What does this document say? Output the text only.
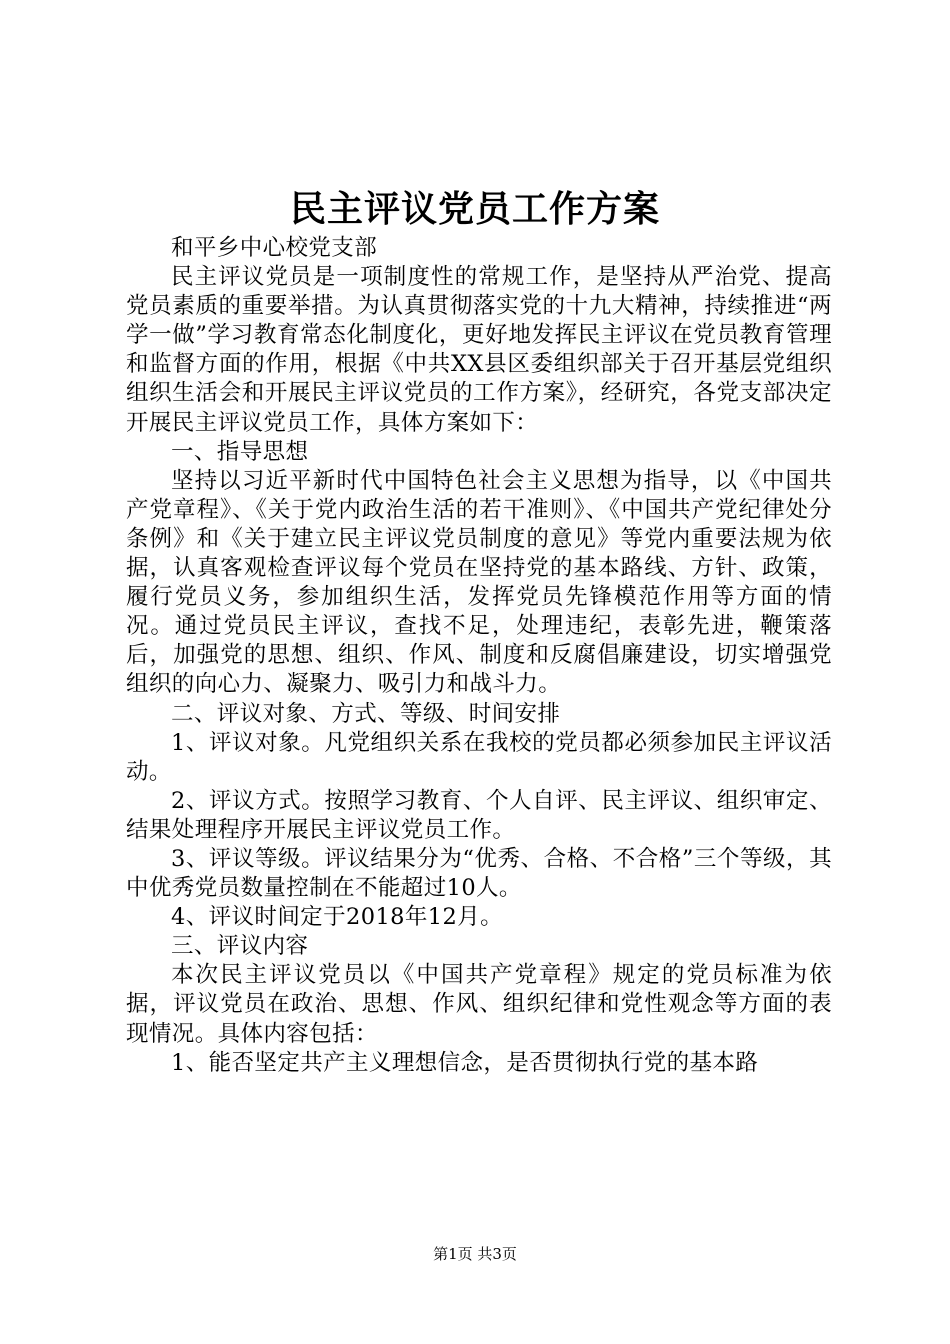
民主评议党员工作方案

和平乡中心校党支部

民主评议党员是一项制度性的常规工作，是坚持从严治党、提高党员素质的重要举措。为认真贯彻落实党的十九大精神，持续推进“两学一做”学习教育常态化制度化，更好地发挥民主评议在党员教育管理和监督方面的作用，根据《中共XX县区委组织部关于召开基层党组织组织生活会和开展民主评议党员的工作方案》，经研究，各党支部决定开展民主评议党员工作，具体方案如下：

一、指导思想

坚持以习近平新时代中国特色社会主义思想为指导，以《中国共产党章程》、《关于党内政治生活的若干准则》、《中国共产党纪律处分条例》和《关于建立民主评议党员制度的意见》等党内重要法规为依据，认真客观检查评议每个党员在坚持党的基本路线、方针、政策，履行党员义务，参加组织生活，发挥党员先锋模范作用等方面的情况。通过党员民主评议，查找不足，处理违纪，表彰先进，鞭策落后，加强党的思想、组织、作风、制度和反腐倡廉建设，切实增强党组织的向心力、凝聚力、吸引力和战斗力。

二、评议对象、方式、等级、时间安排

1、评议对象。凡党组织关系在我校的党员都必须参加民主评议活动。

2、评议方式。按照学习教育、个人自评、民主评议、组织审定、结果处理程序开展民主评议党员工作。

3、评议等级。评议结果分为“优秀、合格、不合格”三个等级，其中优秀党员数量控制在不能超过10人。

4、评议时间定于2018年12月。

三、评议内容

本次民主评议党员以《中国共产党章程》规定的党员标准为依据，评议党员在政治、思想、作风、组织纪律和党性观念等方面的表现情况。具体内容包括：

1、能否坚定共产主义理想信念，是否贯彻执行党的基本路

第1页 共3页
